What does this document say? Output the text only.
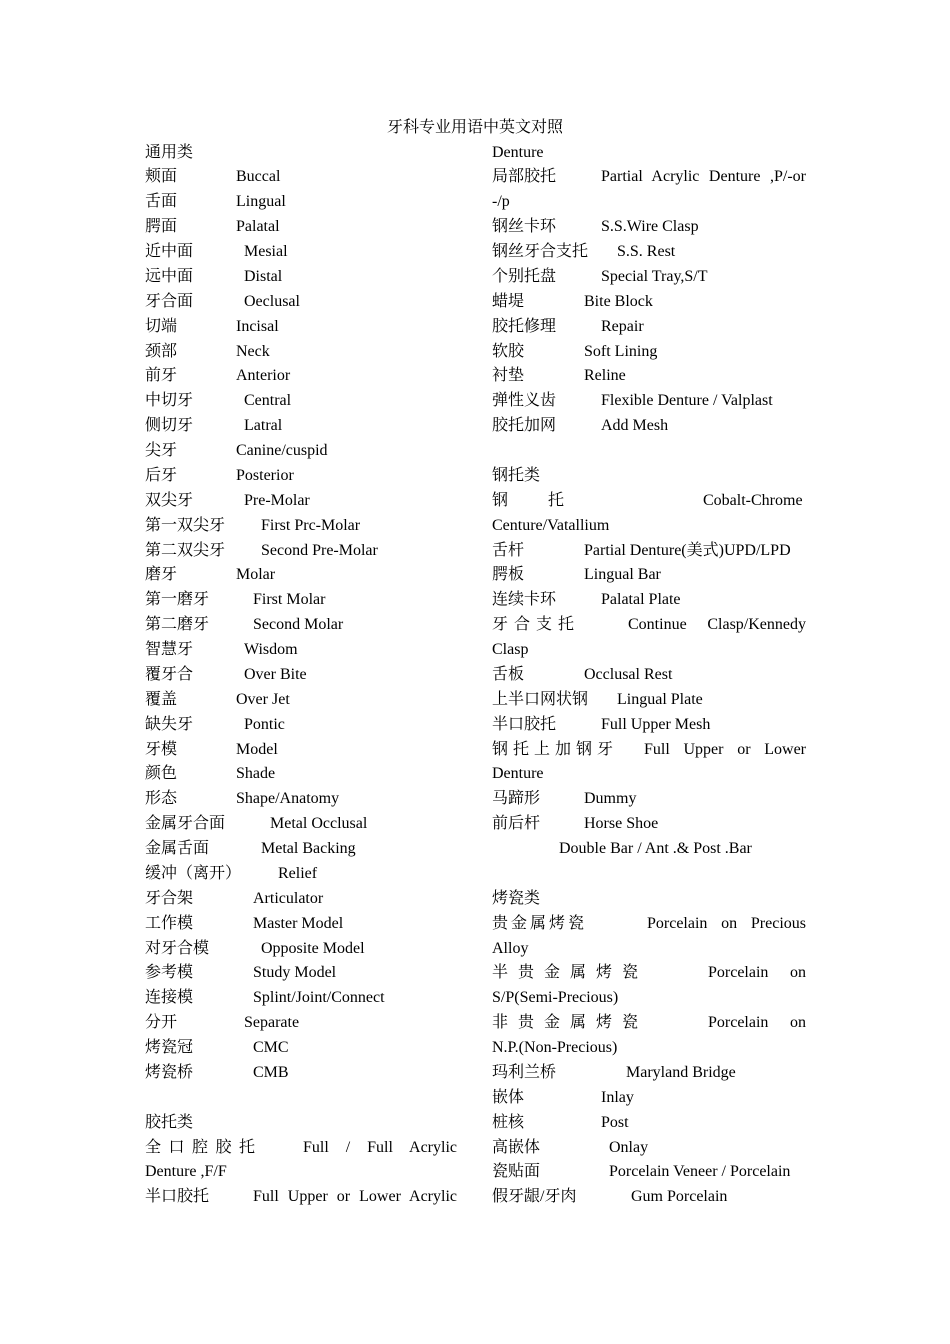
牙科专业用语中英文对照
通用类
颊面	Buccal
舌面	Lingual
腭面	Palatal
近中面	Mesial
远中面	Distal
牙合面	Oeclusal
切端	Incisal
颈部	Neck
前牙	Anterior
中切牙	Central
侧切牙	Latral
尖牙	Canine/cuspid
后牙	Posterior
双尖牙	Pre-Molar
第一双尖牙 First Prc-Molar
第二双尖牙 Second Pre-Molar
磨牙	Molar
第一磨牙	First Molar
第二磨牙	Second Molar
智慧牙	Wisdom
覆牙合	Over Bite
覆盖	Over Jet
缺失牙	Pontic
牙模	Model
颜色	Shade
形态	Shape/Anatomy
金属牙合面	Metal Occlusal
金属舌面	Metal Backing
缓冲（离开） Relief
牙合架	Articulator
工作模	Master Model
对牙合模	Opposite Model
参考模	Study Model
连接模	Splint/Joint/Connect
分开	Separate
烤瓷冠	CMC
烤瓷桥	CMB
胶托类
全口腔胶托	Full / Full Acrylic
Denture ,F/F
半口胶托	Full Upper or Lower Acrylic
Denture
局部胶托	Partial Acrylic Denture ,P/-or
-/p
钢丝卡环	S.S.Wire Clasp
钢丝牙合支托 S.S. Rest
个别托盘	Special Tray,S/T
蜡堤	Bite Block
胶托修理	Repair
软胶	Soft Lining
衬垫	Reline
弹性义齿	Flexible Denture / Valplast
胶托加网	Add Mesh
钢托类
钢托	Cobalt-Chrome
Centure/Vatallium
舌杆	Partial Denture(美式)UPD/LPD
腭板	Lingual Bar
连续卡环	Palatal Plate
牙合支托	Continue Clasp/Kennedy
Clasp
舌板	Occlusal Rest
上半口网状钢 Lingual Plate
半口胶托	Full Upper Mesh
钢托上加钢牙 Full Upper or Lower
Denture
马蹄形	Dummy
前后杆	Horse Shoe
Double Bar / Ant .& Post .Bar
烤瓷类
贵金属烤瓷	Porcelain on Precious
Alloy
半贵金属烤瓷	Porcelain on
S/P(Semi-Precious)
非贵金属烤瓷	Porcelain on
N.P.(Non-Precious)
玛利兰桥	Maryland Bridge
嵌体	Inlay
桩核	Post
高嵌体	Onlay
瓷贴面	Porcelain Veneer / Porcelain
假牙龈/牙肉	Gum Porcelain
